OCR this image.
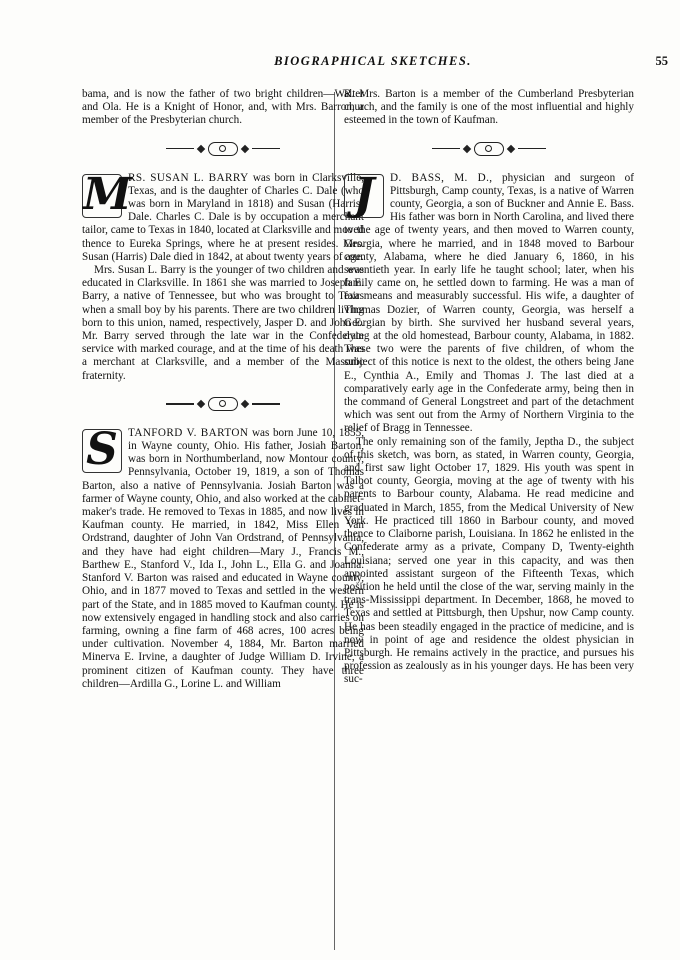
BIOGRAPHICAL SKETCHES.	55

bama, and is now the father of two bright children—Walter and Ola. He is a Knight of Honor, and, with Mrs. Barron, a member of the Presbyterian church.

M
RS. SUSAN L. BARRY was born in Clarksville, Texas, and is the daughter of Charles C. Dale (who was born in Maryland in 1818) and Susan (Harris) Dale. Charles C. Dale is by occupation a merchant tailor, came to Texas in 1840, located at Clarksville and moved thence to Eureka Springs, where he at present resides. Mrs. Susan (Harris) Dale died in 1842, at about twenty years of age.

Mrs. Susan L. Barry is the younger of two children and was educated in Clarksville. In 1861 she was married to Joseph E. Barry, a native of Tennessee, but who was brought to Texas when a small boy by his parents. There are two children living born to this union, named, respectively, Jasper D. and John E. Mr. Barry served through the late war in the Confederate service with marked courage, and at the time of his death was a merchant at Clarksville, and a member of the Masonic fraternity.

S TANFORD V. BARTON was born June 10, 1855, in Wayne county, Ohio. His father, Josiah Barton, was born in Northumberland, now Montour county, Pennsylvania, October 19, 1819, a son of Thomas Barton, also a native of Pennsylvania. Josiah Barton was a farmer of Wayne county, Ohio, and also worked at the cabinet-maker's trade. He removed to Texas in 1885, and now lives in Kaufman county. He married, in 1842, Miss Ellen Van Ordstrand, daughter of John Van Ordstrand, of Pennsylvania, and they have had eight children—Mary J., Francis M., Barthew E., Stanford V., Ida I., John L., Ella G. and Joanna. Stanford V. Barton was raised and educated in Wayne county, Ohio, and in 1877 moved to Texas and settled in the western part of the State, and in 1885 moved to Kaufman county. He is now extensively engaged in handling stock and also carries on farming, owning a fine farm of 468 acres, 100 acres being under cultivation. November 4, 1884, Mr. Barton married Minerva E. Irvine, a daughter of Judge William D. Irvine, a prominent citizen of Kaufman county. They have three children—Ardilla G., Lorine L. and William

R. Mrs. Barton is a member of the Cumberland Presbyterian church, and the family is one of the most influential and highly esteemed in the town of Kaufman.

J	D. BASS, M. D., physician and surgeon of Pittsburgh, Camp county, Texas, is a native of Warren county, Georgia, a son of Buckner and Annie E. Bass. His father was born in North Carolina, and lived there to the age of twenty years, and then moved to Warren county, Georgia, where he married, and in 1848 moved to Barbour county, Alabama, where he died January 6, 1860, in his seventieth year. In early life he taught school; later, when his family came on, he settled down to farming. He was a man of fair means and measurably successful. His wife, a daughter of Thomas Dozier, of Warren county, Georgia, was herself a Georgian by birth. She survived her husband several years, dying at the old homestead, Barbour county, Alabama, in 1882. These two were the parents of five children, of whom the subject of this notice is next to the oldest, the others being Jane E., Cynthia A., Emily and Thomas J. The last died at a comparatively early age in the Confederate army, being then in the command of General Longstreet and part of the detachment which was sent out from the Army of Northern Virginia to the relief of Bragg in Tennessee.

The only remaining son of the family, Jeptha D., the subject of this sketch, was born, as stated, in Warren county, Georgia, and first saw light October 17, 1829. His youth was spent in Talbot county, Georgia, moving at the age of twenty with his parents to Barbour county, Alabama. He read medicine and graduated in March, 1855, from the Medical University of New York. He practiced till 1860 in Barbour county, and moved thence to Claiborne parish, Louisiana. In 1862 he enlisted in the Confederate army as a private, Company D, Twenty-eighth Louisiana; served one year in this capacity, and was then appointed assistant surgeon of the Fifteenth Texas, which position he held until the close of the war, serving mainly in the trans-Mississippi department. In December, 1868, he moved to Texas and settled at Pittsburgh, then Upshur, now Camp county. He has been steadily engaged in the practice of medicine, and is now in point of age and residence the oldest physician in Pittsburgh. He remains actively in the practice, and pursues his profession as zealously as in his younger days. He has been very suc-
